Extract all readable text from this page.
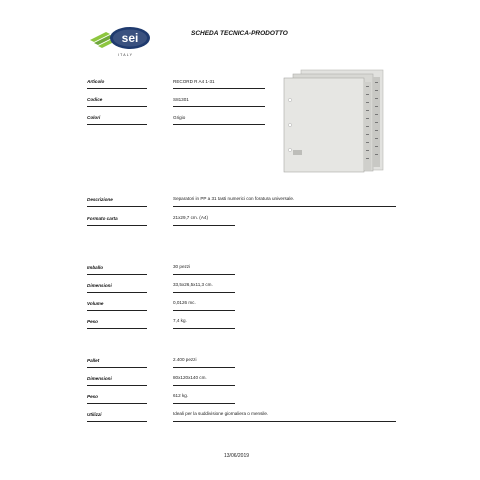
sei
ITALY
SCHEDA TECNICA-PRODOTTO
Articolo	RECORD R A4 1-31
Codice	S81301
Colori	Grigio
Descrizione	Separatori in PP a 31 tasti numerici con foratura universale.
Formato carta	21x29,7 cm. (A4)
Imballo	30 pezzi
Dimensioni	33,5x26,5x11,3 cm.
Volume	0,0126 mc.
Peso	7,4 kg.
Pallet	2.400 pezzi
Dimensioni	80x120x140 cm.
Peso	612 kg.
Utilizzi	Ideali per la suddivisione giornaliera o mensile.
13/06/2019
